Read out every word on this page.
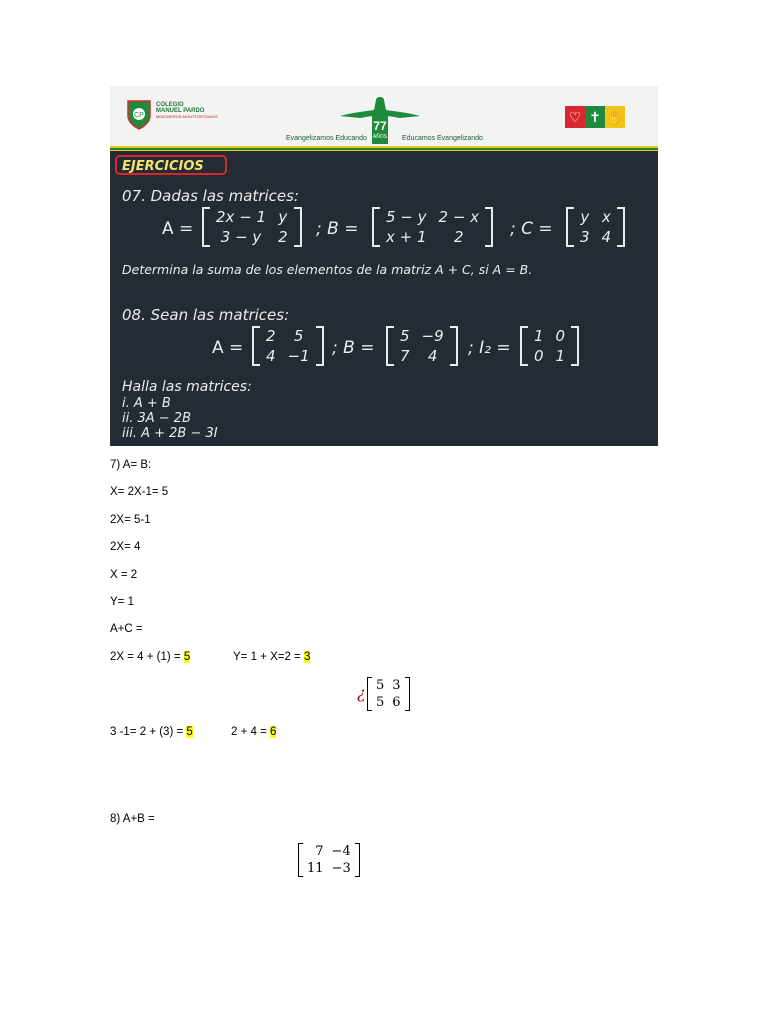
CP
COLEGIO
MANUEL PARDO
MISIONEROS MONTFORTIANOS
77
AÑOS
Evangelizamos Educando	Educamos Evangelizando
♡ ✝ ✋
EJERCICIOS
07. Dadas las matrices:
A =
2x − 1	y
3 − y	2 ; B =
5 − y	2 − x
x + 1	2	; C =
y	x
3	4
Determina la suma de los elementos de la matriz A + C, si A = B.
08. Sean las matrices:
A =
2	5
4	−1 ; B =
5	−9
7	4 ; I₂ =
1	0
0	1
Halla las matrices:
i. A + B
ii. 3A − 2B
iii. A + 2B − 3I
7) A= B:
X= 2X-1= 5
2X= 5-1
2X= 4
X = 2
Y= 1
A+C =
2X = 4 + (1) = 5	Y= 1 + X=2 = 3
¿ 5	3
5	6
3 -1= 2 + (3) = 5	2 + 4 = 6
8) A+B =
7	−4
11	−3
